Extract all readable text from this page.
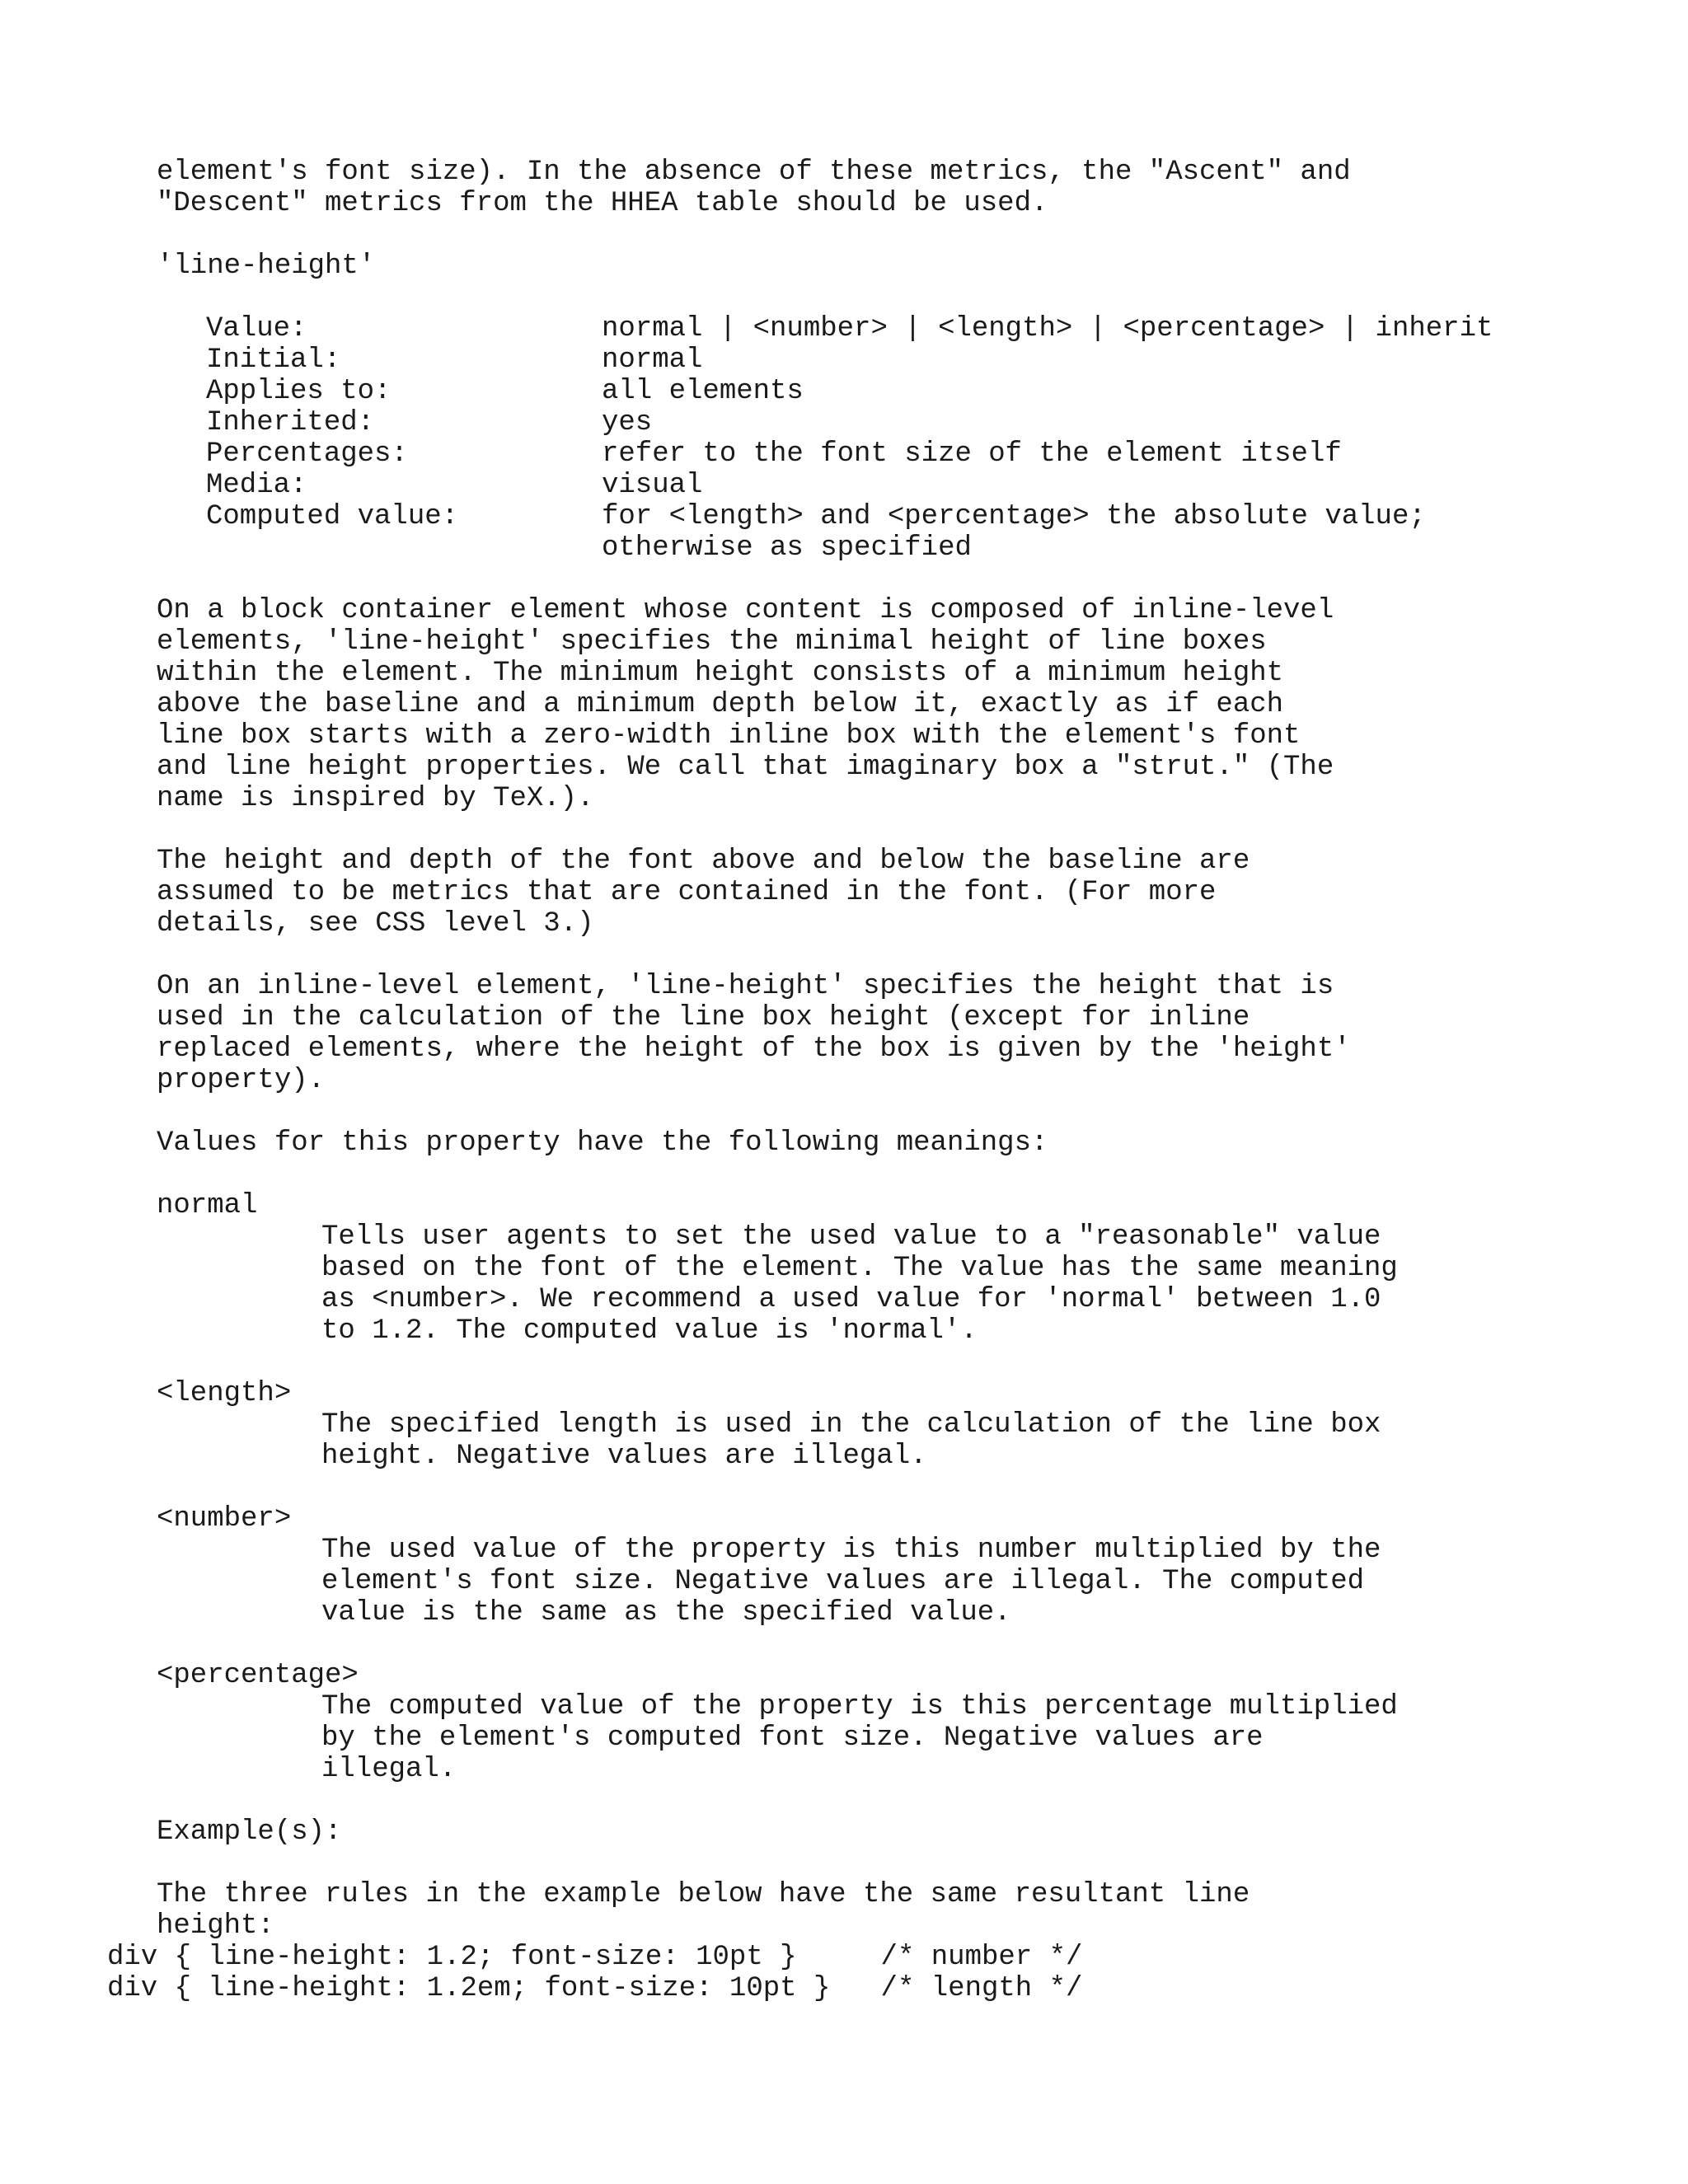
element's font size). In the absence of these metrics, the "Ascent" and
"Descent" metrics from the HHEA table should be used.
'line-height'
Value:	normal | <number> | <length> | <percentage> | inherit
Initial:	normal
Applies to:	all elements
Inherited:	yes
Percentages:	refer to the font size of the element itself
Media:	visual
Computed value:	for <length> and <percentage> the absolute value;
otherwise as specified
On a block container element whose content is composed of inline-level
elements, 'line-height' specifies the minimal height of line boxes
within the element. The minimum height consists of a minimum height
above the baseline and a minimum depth below it, exactly as if each
line box starts with a zero-width inline box with the element's font
and line height properties. We call that imaginary box a "strut." (The
name is inspired by TeX.).
The height and depth of the font above and below the baseline are
assumed to be metrics that are contained in the font. (For more
details, see CSS level 3.)
On an inline-level element, 'line-height' specifies the height that is
used in the calculation of the line box height (except for inline
replaced elements, where the height of the box is given by the 'height'
property).
Values for this property have the following meanings:
normal
Tells user agents to set the used value to a "reasonable" value
based on the font of the element. The value has the same meaning
as <number>. We recommend a used value for 'normal' between 1.0
to 1.2. The computed value is 'normal'.
<length>
The specified length is used in the calculation of the line box
height. Negative values are illegal.
<number>
The used value of the property is this number multiplied by the
element's font size. Negative values are illegal. The computed
value is the same as the specified value.
<percentage>
The computed value of the property is this percentage multiplied
by the element's computed font size. Negative values are
illegal.
Example(s):
The three rules in the example below have the same resultant line
height:
div { line-height: 1.2; font-size: 10pt }     /* number */
div { line-height: 1.2em; font-size: 10pt }   /* length */
